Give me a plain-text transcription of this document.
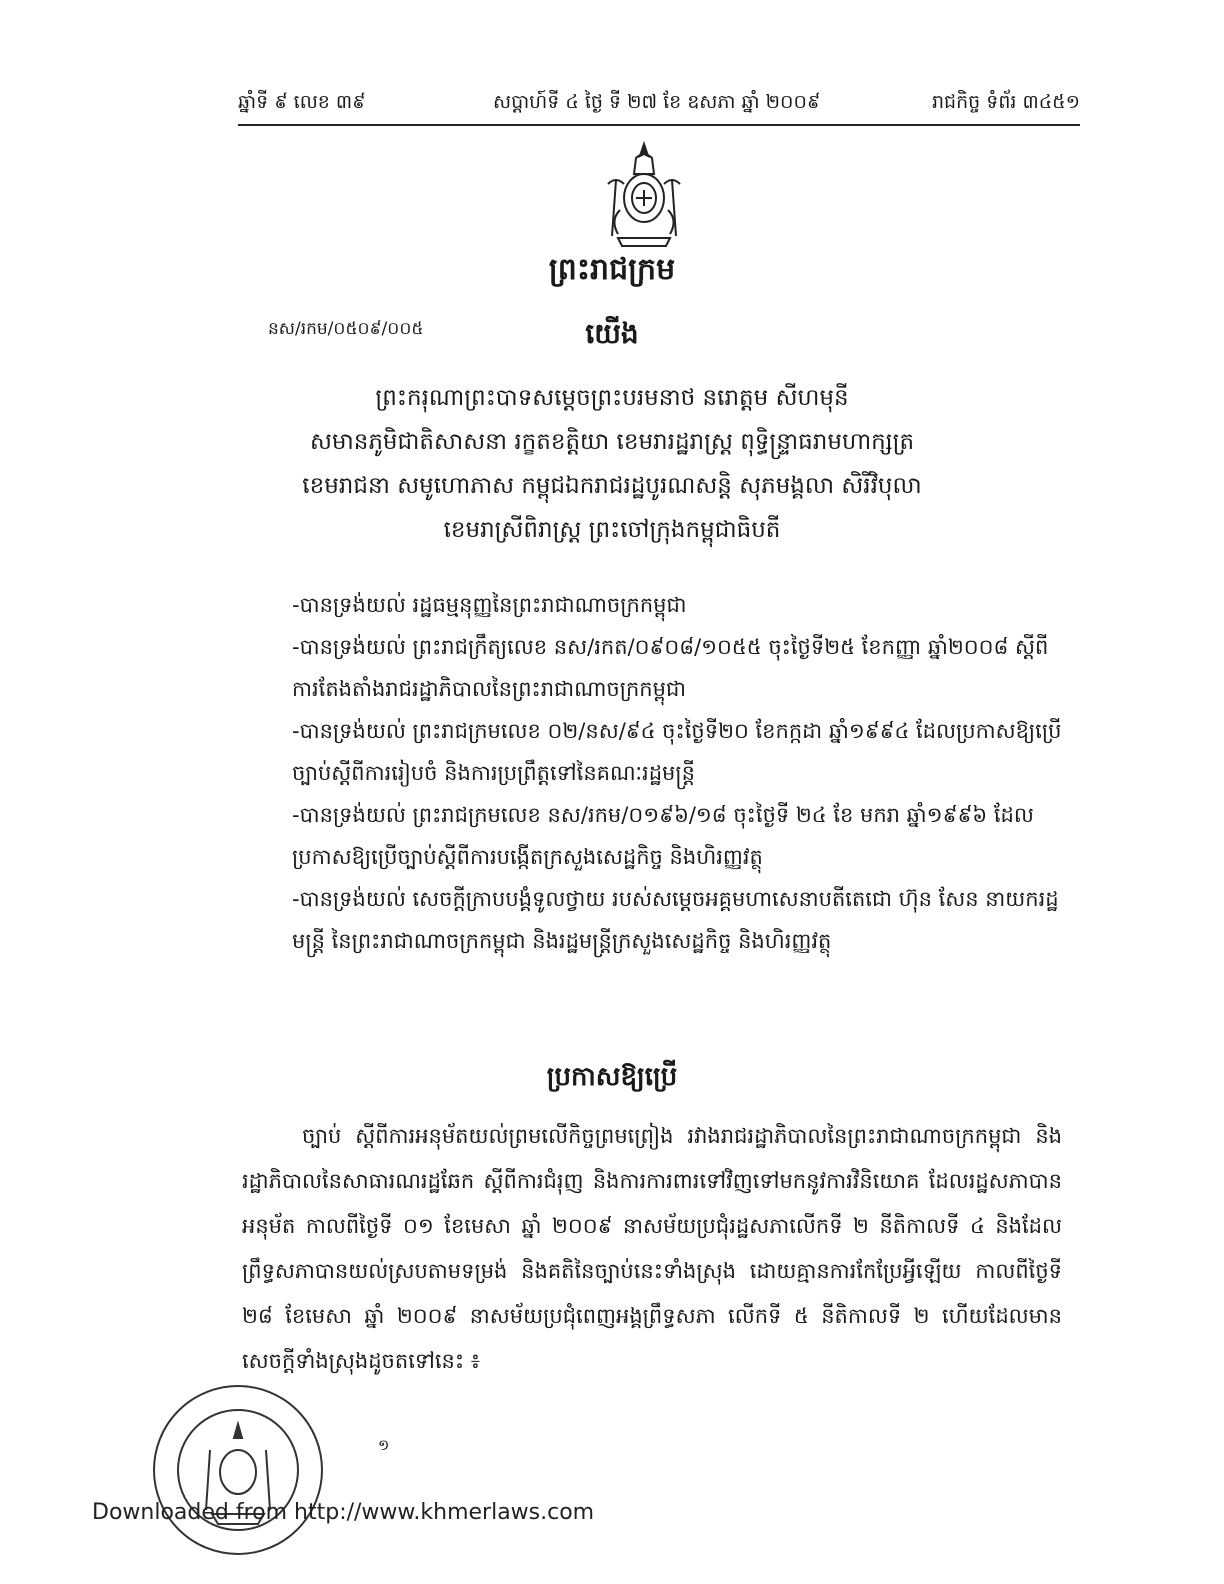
ឆ្នាំទី ៩ លេខ ៣៩	សប្តាហ៍ទី ៤ ថ្ងៃ ទី ២៧ ខែ ឧសភា ឆ្នាំ ២០០៩	រាជកិច្ច ទំព័រ ៣៤៥១
ព្រះរាជក្រម
នស/រកម/០៥០៩/០០៥	យើង
ព្រះករុណាព្រះបាទសម្តេចព្រះបរមនាថ នរោត្តម សីហមុនី
សមានភូមិជាតិសាសនា រក្ខតខត្តិយា ខេមរារដ្ឋរាស្ត្រ ពុទ្ធិន្ទ្រាធរាមហាក្សត្រ
ខេមរាជនា សមូហោភាស កម្ពុជឯករាជរដ្ឋបូរណសន្តិ សុភមង្គលា សិរីវិបុលា
ខេមរាស្រីពិរាស្ត្រ ព្រះចៅក្រុងកម្ពុជាធិបតី
-បានទ្រង់យល់ រដ្ឋធម្មនុញ្ញនៃព្រះរាជាណាចក្រកម្ពុជា
-បានទ្រង់យល់ ព្រះរាជក្រឹត្យលេខ នស/រកត/០៩០៨/១០៥៥ ចុះថ្ងៃទី២៥ ខែកញ្ញា ឆ្នាំ២០០៨ ស្តីពីការតែងតាំងរាជរដ្ឋាភិបាលនៃព្រះរាជាណាចក្រកម្ពុជា
-បានទ្រង់យល់ ព្រះរាជក្រមលេខ ០២/នស/៩៤ ចុះថ្ងៃទី២០ ខែកក្កដា ឆ្នាំ១៩៩៤ ដែលប្រកាសឱ្យប្រើច្បាប់ស្តីពីការរៀបចំ និងការប្រព្រឹត្តទៅនៃគណៈរដ្ឋមន្ត្រី
-បានទ្រង់យល់ ព្រះរាជក្រមលេខ នស/រកម/០១៩៦/១៨ ចុះថ្ងៃទី ២៤ ខែ មករា ឆ្នាំ១៩៩៦ ដែលប្រកាសឱ្យប្រើច្បាប់ស្តីពីការបង្កើតក្រសួងសេដ្ឋកិច្ច និងហិរញ្ញវត្ថុ
-បានទ្រង់យល់ សេចក្តីក្រាបបង្គំទូលថ្វាយ របស់សម្តេចអគ្គមហាសេនាបតីតេជោ ហ៊ុន សែន នាយករដ្ឋមន្ត្រី នៃព្រះរាជាណាចក្រកម្ពុជា និងរដ្ឋមន្ត្រីក្រសួងសេដ្ឋកិច្ច និងហិរញ្ញវត្ថុ
ប្រកាសឱ្យប្រើ

ច្បាប់ ស្តីពីការអនុម័តយល់ព្រមលើកិច្ចព្រមព្រៀង រវាងរាជរដ្ឋាភិបាលនៃព្រះរាជាណាចក្រកម្ពុជា និងរដ្ឋាភិបាលនៃសាធារណរដ្ឋឆែក ស្តីពីការជំរុញ និងការការពារទៅវិញទៅមកនូវការវិនិយោគ ដែលរដ្ឋសភាបានអនុម័ត កាលពីថ្ងៃទី ០១ ខែមេសា ឆ្នាំ ២០០៩ នាសម័យប្រជុំរដ្ឋសភាលើកទី ២ នីតិកាលទី ៤ និងដែលព្រឹទ្ធសភាបានយល់ស្របតាមទម្រង់ និងគតិនៃច្បាប់នេះទាំងស្រុង ដោយគ្មានការកែប្រែអ្វីឡើយ កាលពីថ្ងៃទី ២៨ ខែមេសា ឆ្នាំ ២០០៩ នាសម័យប្រជុំពេញអង្គព្រឹទ្ធសភា លើកទី ៥ នីតិកាលទី ២ ហើយដែលមានសេចក្តីទាំងស្រុងដូចតទៅនេះ ៖

១
Downloaded from http://www.khmerlaws.com
